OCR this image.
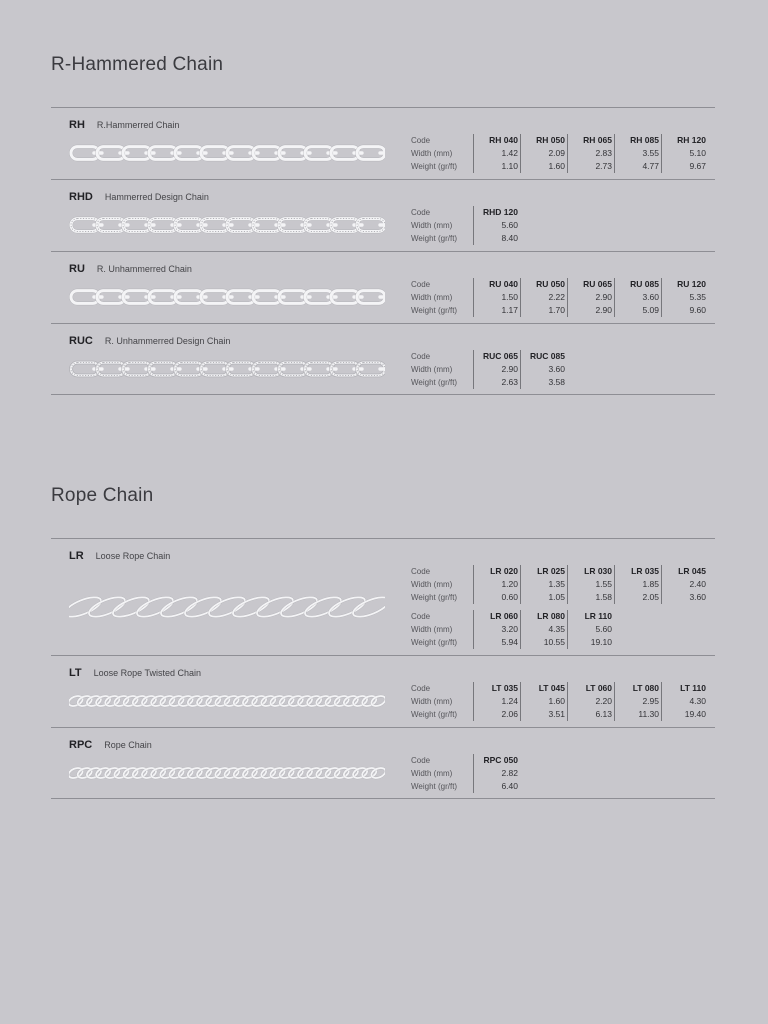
R-Hammered Chain
RH R.Hammerred Chain
Code
Width (mm)
Weight (gr/ft)
RH 040
1.42
1.10
RH 050
2.09
1.60
RH 065
2.83
2.73
RH 085
3.55
4.77
RH 120
5.10
9.67
RHD Hammerred Design Chain
Code
Width (mm)
Weight (gr/ft)
RHD 120
5.60
8.40
RU R. Unhammerred Chain
Code
Width (mm)
Weight (gr/ft)
RU 040
1.50
1.17
RU 050
2.22
1.70
RU 065
2.90
2.90
RU 085
3.60
5.09
RU 120
5.35
9.60
RUC R. Unhammerred Design Chain
Code
Width (mm)
Weight (gr/ft)
RUC 065
2.90
2.63
RUC 085
3.60
3.58
Rope Chain
LR Loose Rope Chain
Code
Width (mm)
Weight (gr/ft)
LR 020
1.20
0.60
LR 025
1.35
1.05
LR 030
1.55
1.58
LR 035
1.85
2.05
LR 045
2.40
3.60
Code
Width (mm)
Weight (gr/ft)
LR 060
3.20
5.94
LR 080
4.35
10.55
LR 110
5.60
19.10
LT Loose Rope Twisted Chain
Code
Width (mm)
Weight (gr/ft)
LT 035
1.24
2.06
LT 045
1.60
3.51
LT 060
2.20
6.13
LT 080
2.95
11.30
LT 110
4.30
19.40
RPC Rope Chain
Code
Width (mm)
Weight (gr/ft)
RPC 050
2.82
6.40
